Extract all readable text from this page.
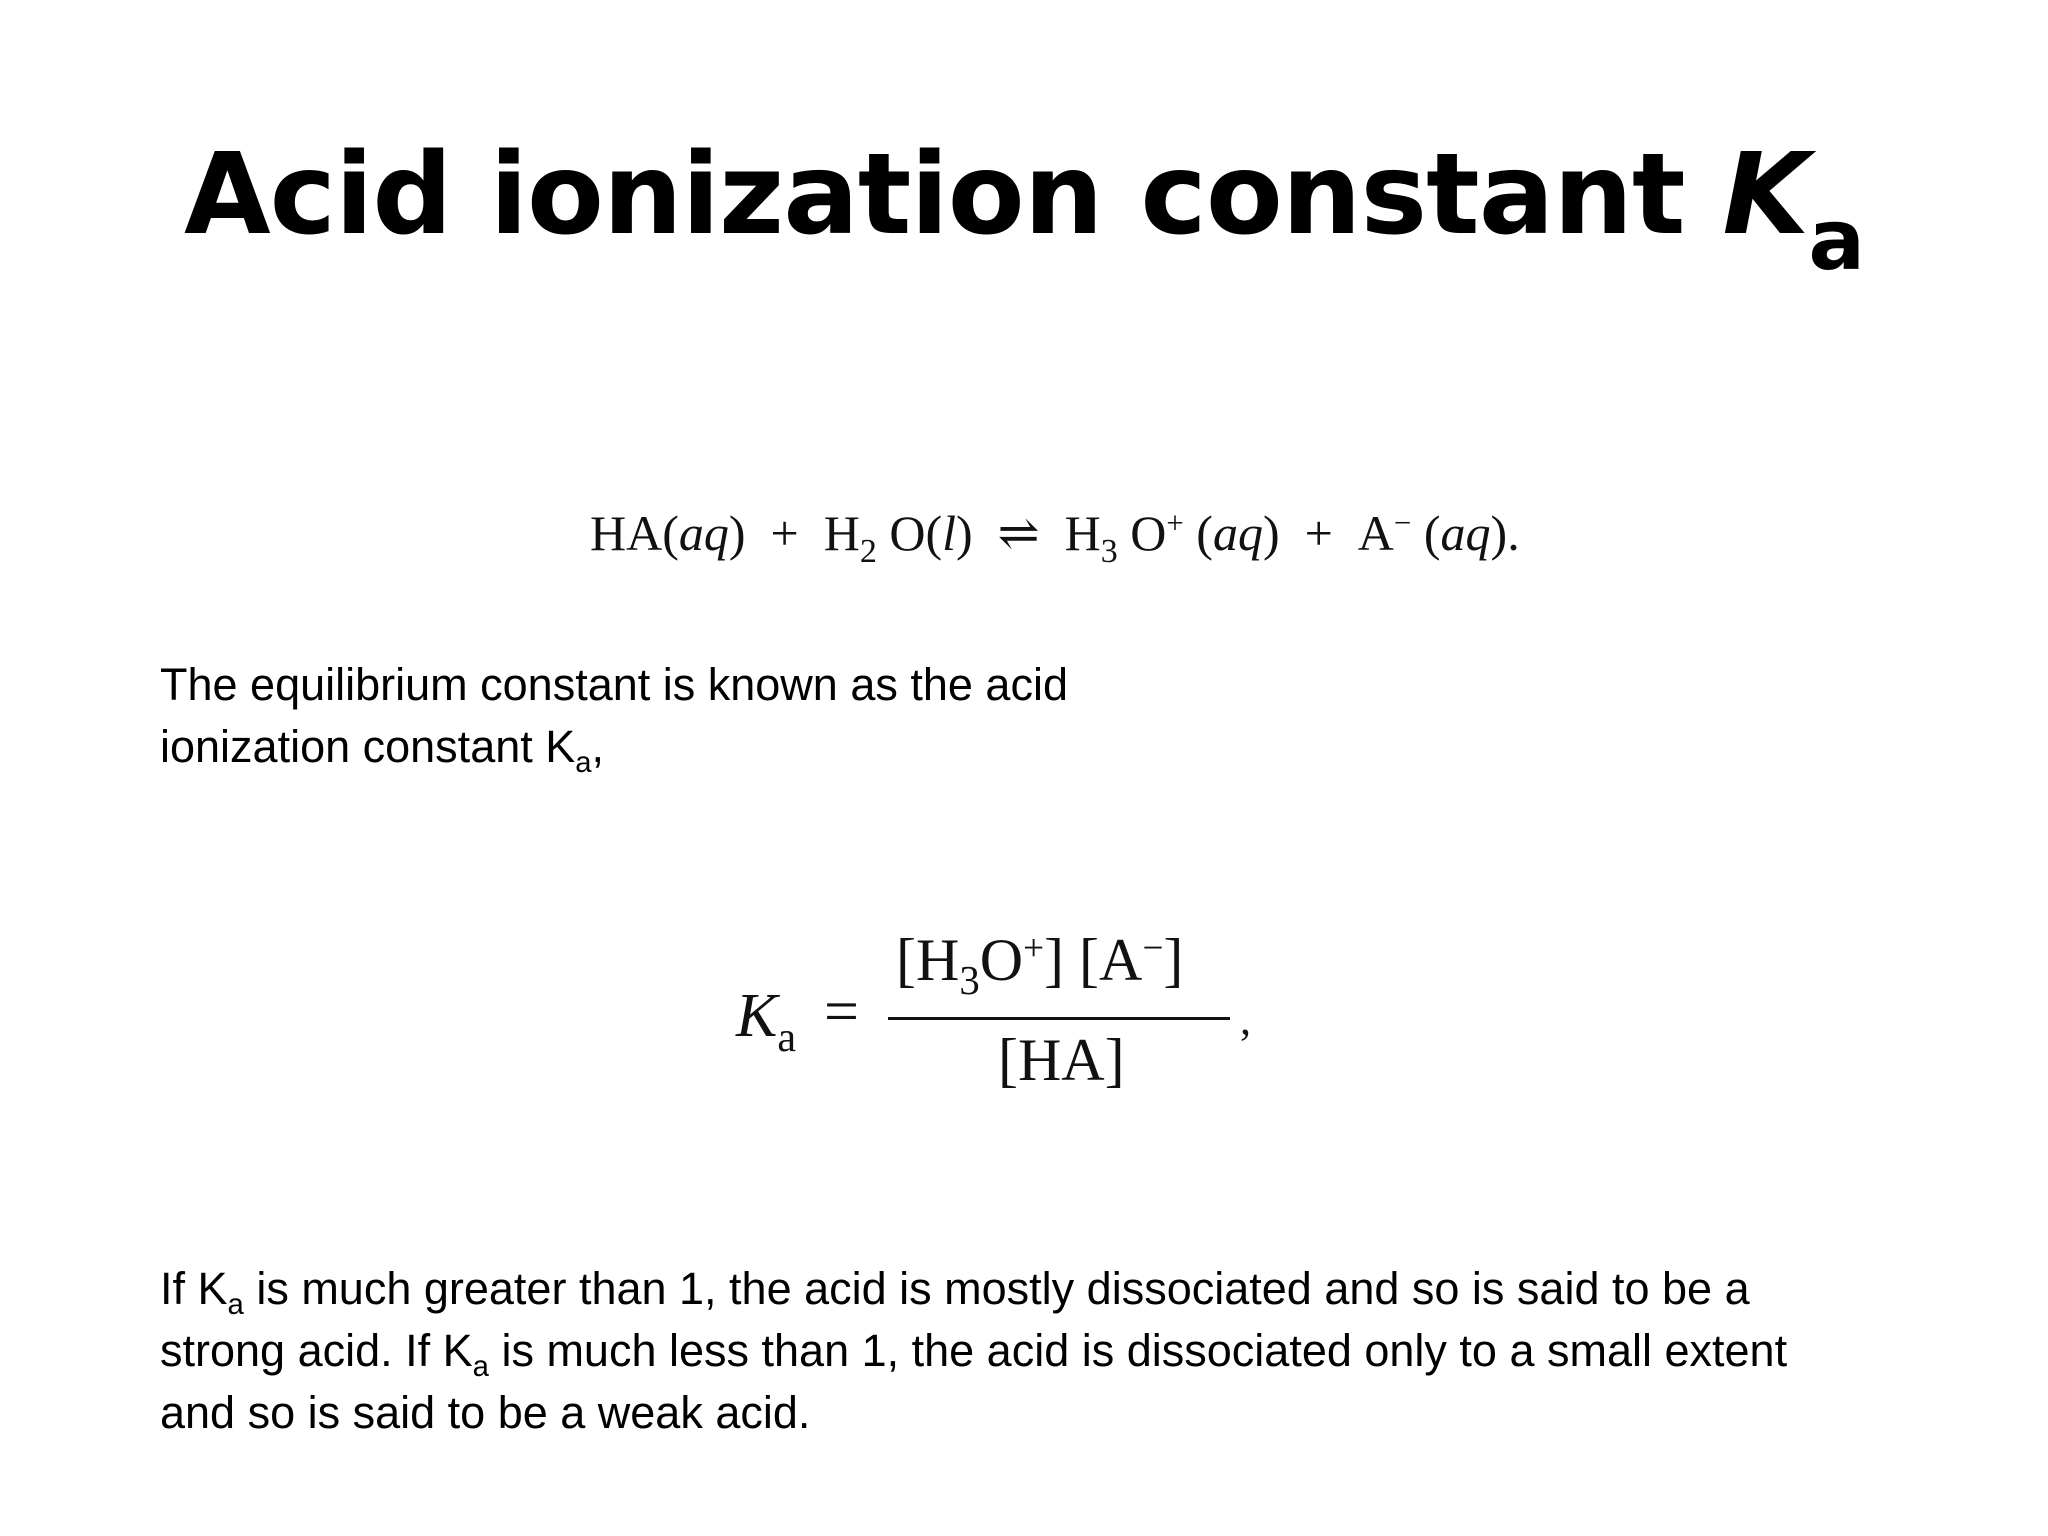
Acid ionization constant $K_a$
$HA(aq) + H_2$ O(l) ⇌ $H_3$ O+ (aq) + A− (aq).
The equilibrium constant is known as the acid
ionization constant $K_a$,
$K_a$ =
$[H_3O^+]$ [A−]
[HA]
,
If $K_a$ is much greater than 1, the acid is mostly dissociated and so is said to be a
strong acid. If $K_a$ is much less than 1, the acid is dissociated only to a small extent
and so is said to be a weak acid.
